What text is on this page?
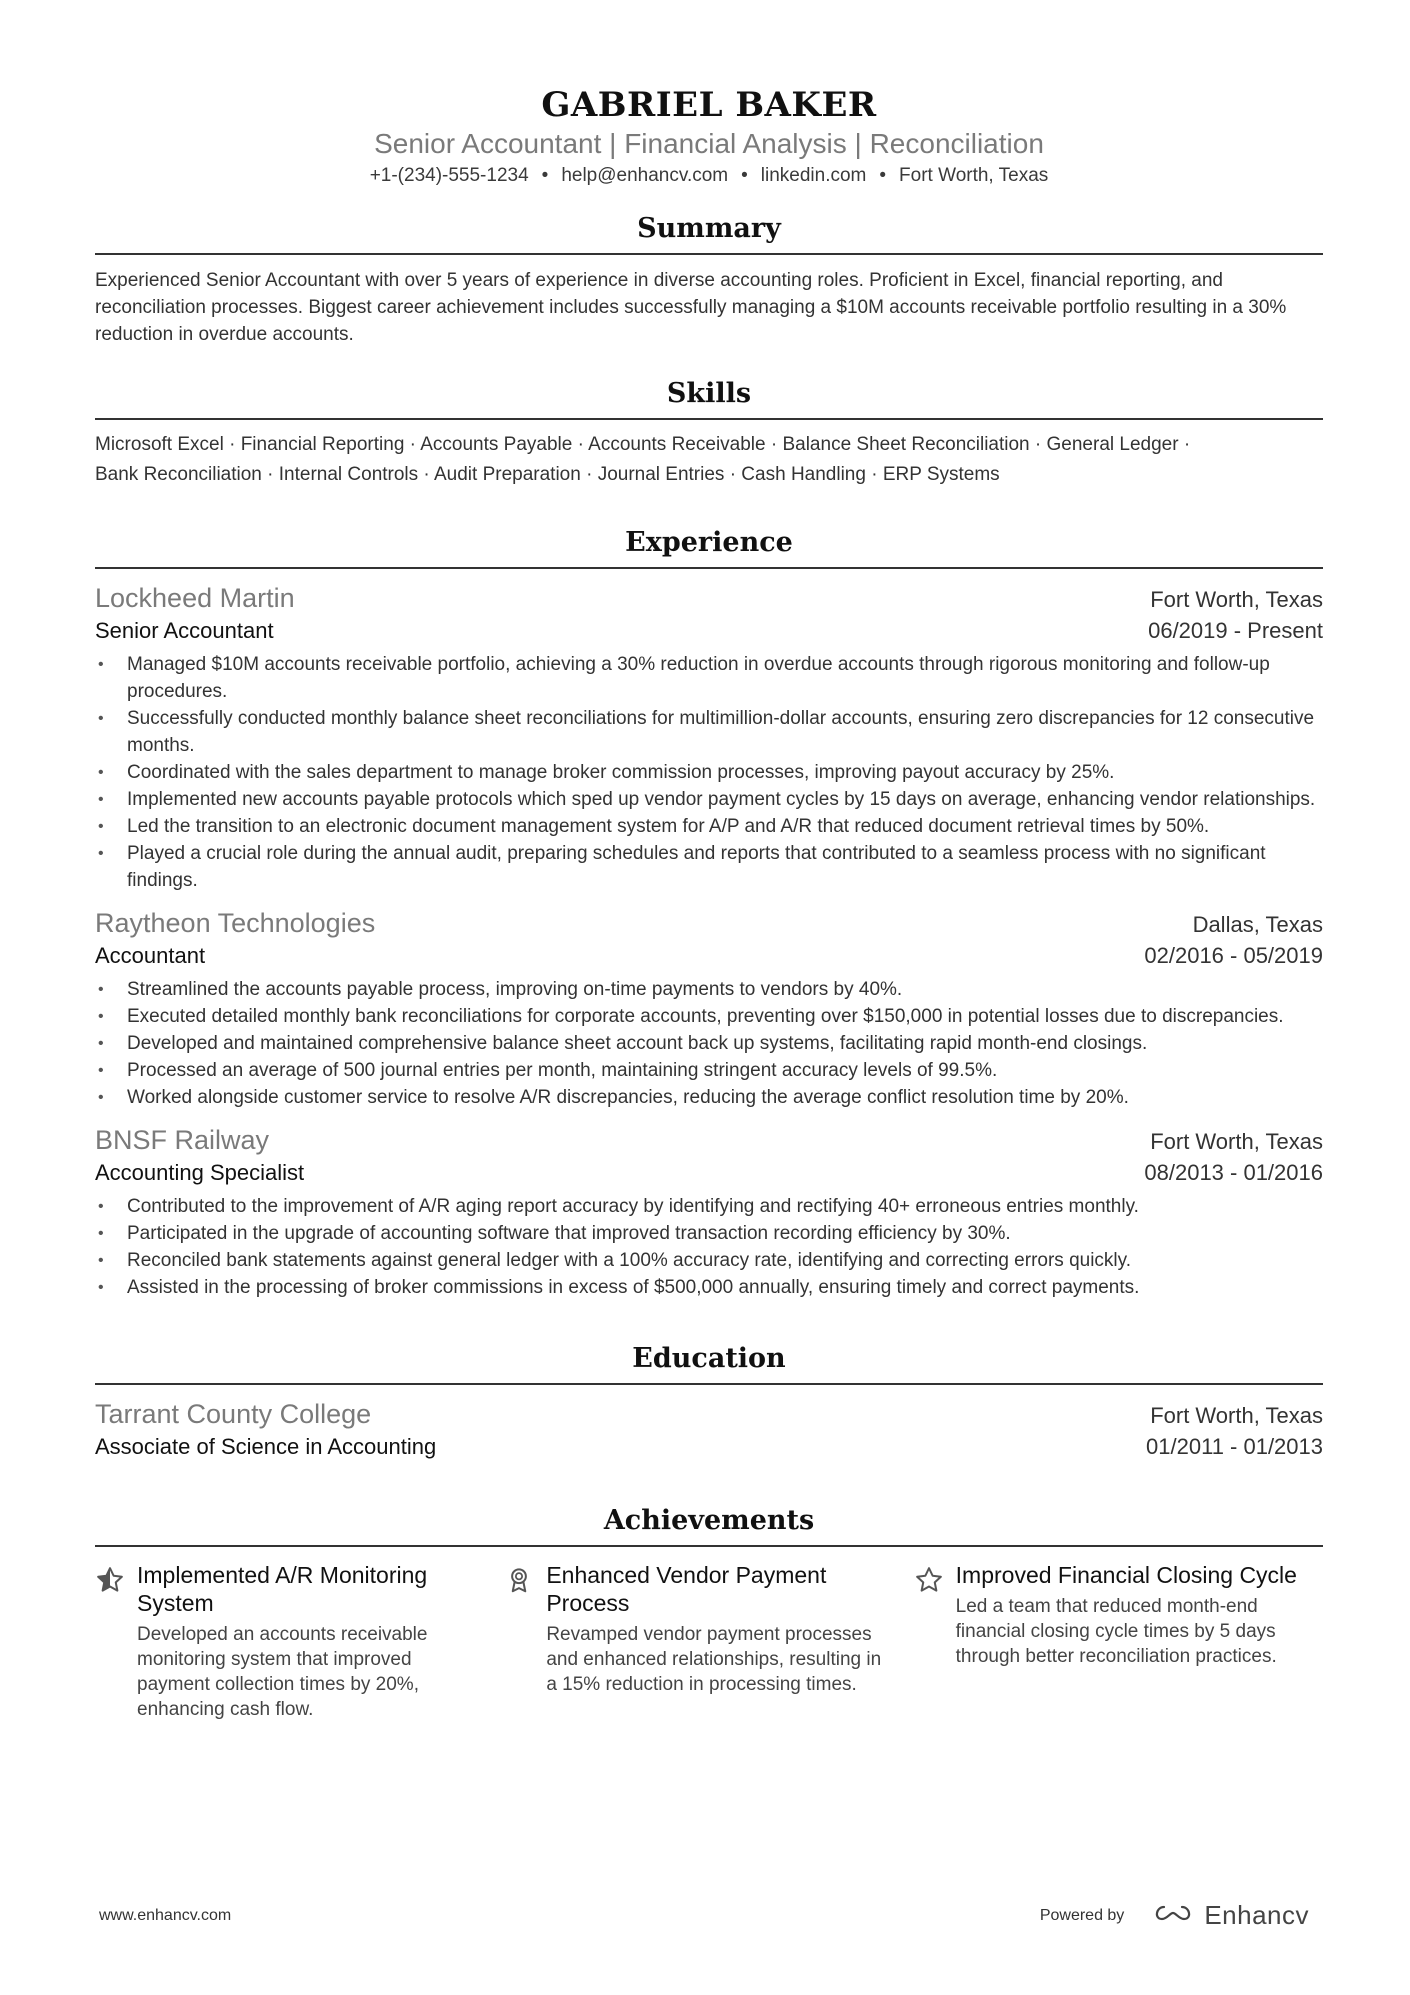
GABRIEL BAKER
Senior Accountant | Financial Analysis | Reconciliation
+1-(234)-555-1234 • help@enhancv.com • linkedin.com • Fort Worth, Texas
Summary
Experienced Senior Accountant with over 5 years of experience in diverse accounting roles. Proficient in Excel, financial reporting, and reconciliation processes. Biggest career achievement includes successfully managing a $10M accounts receivable portfolio resulting in a 30% reduction in overdue accounts.
Skills
Microsoft Excel · Financial Reporting · Accounts Payable · Accounts Receivable · Balance Sheet Reconciliation · General Ledger ·
Bank Reconciliation · Internal Controls · Audit Preparation · Journal Entries · Cash Handling · ERP Systems
Experience
Lockheed Martin	Fort Worth, Texas
Senior Accountant	06/2019 - Present
• Managed $10M accounts receivable portfolio, achieving a 30% reduction in overdue accounts through rigorous monitoring and follow-up procedures.
• Successfully conducted monthly balance sheet reconciliations for multimillion-dollar accounts, ensuring zero discrepancies for 12 consecutive months.
• Coordinated with the sales department to manage broker commission processes, improving payout accuracy by 25%.
• Implemented new accounts payable protocols which sped up vendor payment cycles by 15 days on average, enhancing vendor relationships.
• Led the transition to an electronic document management system for A/P and A/R that reduced document retrieval times by 50%.
• Played a crucial role during the annual audit, preparing schedules and reports that contributed to a seamless process with no significant findings.
Raytheon Technologies	Dallas, Texas
Accountant	02/2016 - 05/2019
• Streamlined the accounts payable process, improving on-time payments to vendors by 40%.
• Executed detailed monthly bank reconciliations for corporate accounts, preventing over $150,000 in potential losses due to discrepancies.
• Developed and maintained comprehensive balance sheet account back up systems, facilitating rapid month-end closings.
• Processed an average of 500 journal entries per month, maintaining stringent accuracy levels of 99.5%.
• Worked alongside customer service to resolve A/R discrepancies, reducing the average conflict resolution time by 20%.
BNSF Railway	Fort Worth, Texas
Accounting Specialist	08/2013 - 01/2016
• Contributed to the improvement of A/R aging report accuracy by identifying and rectifying 40+ erroneous entries monthly.
• Participated in the upgrade of accounting software that improved transaction recording efficiency by 30%.
• Reconciled bank statements against general ledger with a 100% accuracy rate, identifying and correcting errors quickly.
• Assisted in the processing of broker commissions in excess of $500,000 annually, ensuring timely and correct payments.
Education
Tarrant County College	Fort Worth, Texas
Associate of Science in Accounting	01/2011 - 01/2013
Achievements
Implemented A/R Monitoring System
Developed an accounts receivable monitoring system that improved payment collection times by 20%, enhancing cash flow.
Enhanced Vendor Payment Process
Revamped vendor payment processes and enhanced relationships, resulting in a 15% reduction in processing times.
Improved Financial Closing Cycle
Led a team that reduced month-end financial closing cycle times by 5 days through better reconciliation practices.
www.enhancv.com	Powered by	Enhancv
